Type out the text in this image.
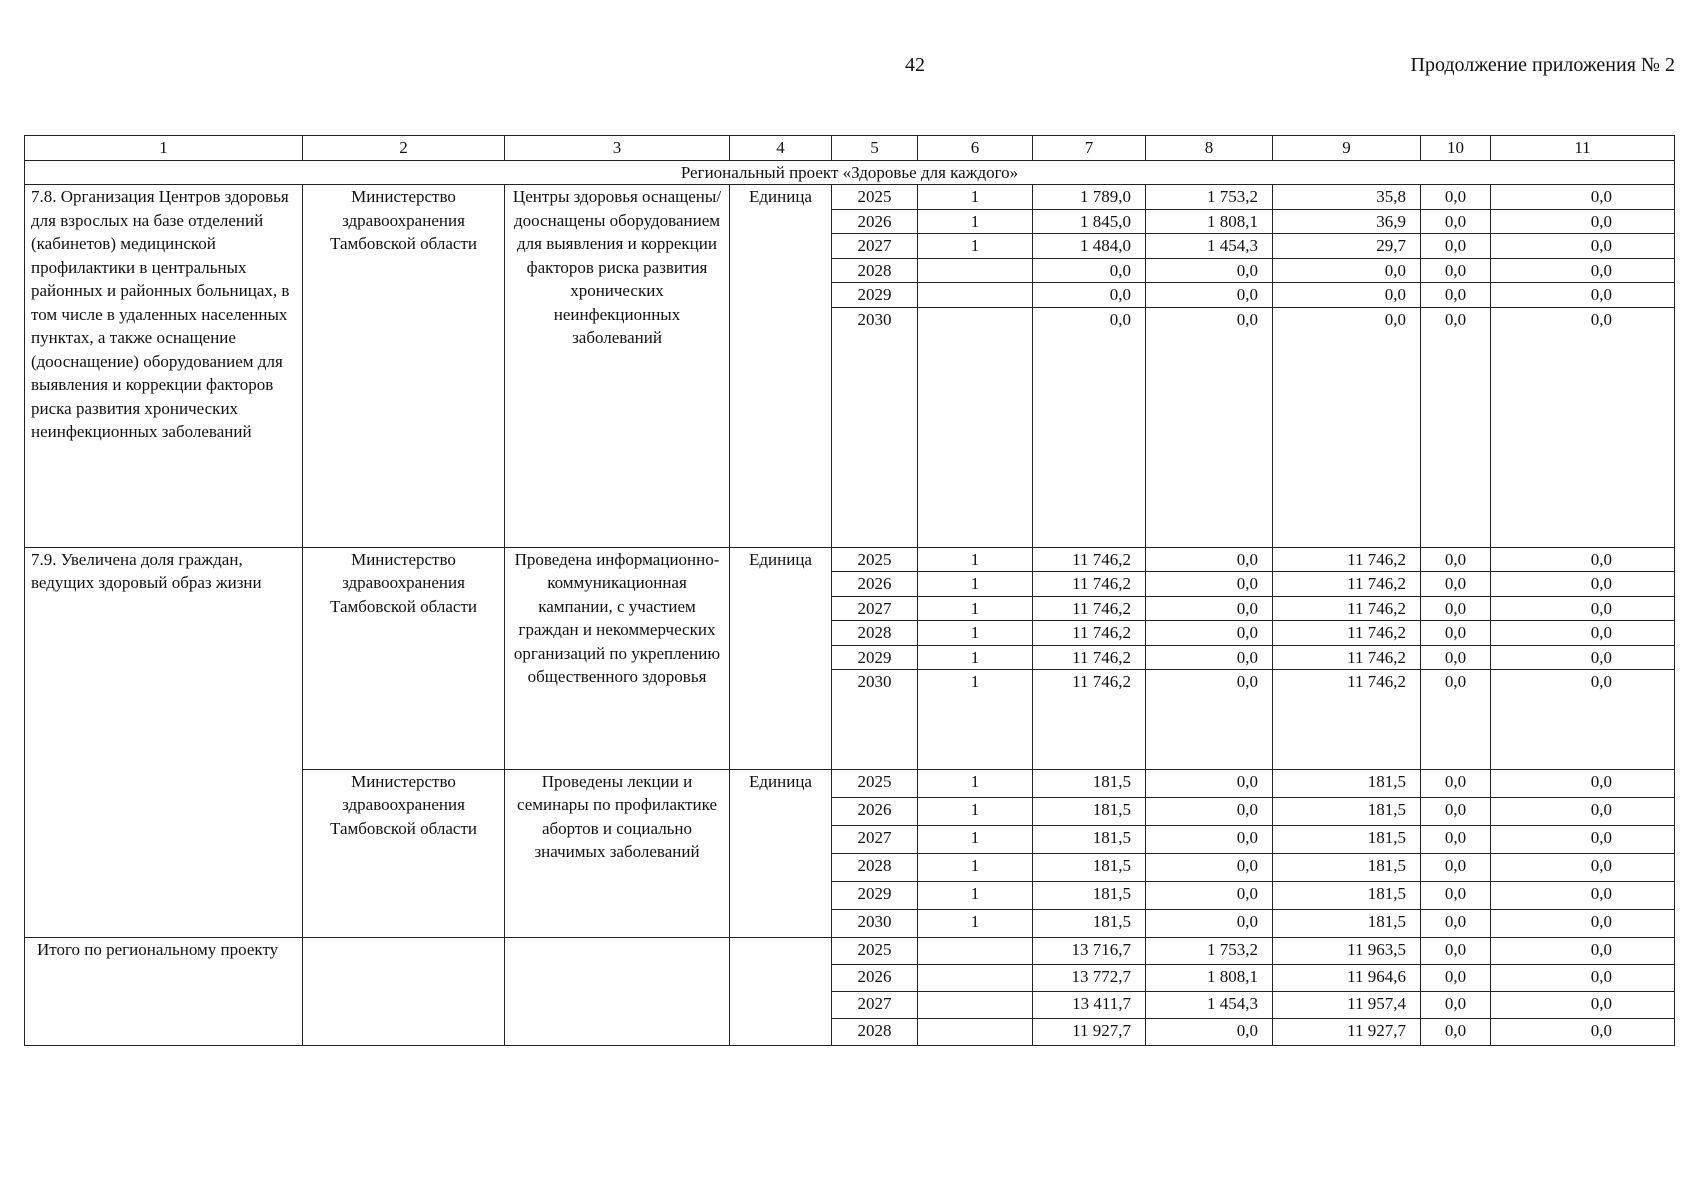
42	Продолжение приложения № 2
1	2	3	4	5	6	7	8	9	10	11
Региональный проект «Здоровье для каждого»										
7.8. Организация Центров здоровья для взрослых на базе отделений (кабинетов) медицинской профилактики в центральных районных и районных больницах, в том числе в удаленных населенных пунктах, а также оснащение (дооснащение) оборудованием для выявления и коррекции факторов риска развития хронических неинфекционных заболеваний	Министерство здравоохранения Тамбовской области	Центры здоровья оснащены/ дооснащены оборудованием для выявления и коррекции факторов риска развития хронических неинфекционных заболеваний	Единица	2025	1	1 789,0	1 753,2	35,8	0,0	0,0
				2026	1	1 845,0	1 808,1	36,9	0,0	0,0
				2027	1	1 484,0	1 454,3	29,7	0,0	0,0
				2028		0,0	0,0	0,0	0,0	0,0
				2029		0,0	0,0	0,0	0,0	0,0
				2030		0,0	0,0	0,0	0,0	0,0
7.9. Увеличена доля граждан, ведущих здоровый образ жизни	Министерство здравоохранения Тамбовской области	Проведена информационно-коммуникационная кампании, с участием граждан и некоммерческих организаций по укреплению общественного здоровья	Единица	2025	1	11 746,2	0,0	11 746,2	0,0	0,0
				2026	1	11 746,2	0,0	11 746,2	0,0	0,0
				2027	1	11 746,2	0,0	11 746,2	0,0	0,0
				2028	1	11 746,2	0,0	11 746,2	0,0	0,0
				2029	1	11 746,2	0,0	11 746,2	0,0	0,0
				2030	1	11 746,2	0,0	11 746,2	0,0	0,0
	Министерство здравоохранения Тамбовской области	Проведены лекции и семинары по профилактике абортов и социально значимых заболеваний	Единица	2025	1	181,5	0,0	181,5	0,0	0,0
				2026	1	181,5	0,0	181,5	0,0	0,0
				2027	1	181,5	0,0	181,5	0,0	0,0
				2028	1	181,5	0,0	181,5	0,0	0,0
				2029	1	181,5	0,0	181,5	0,0	0,0
				2030	1	181,5	0,0	181,5	0,0	0,0
Итого по региональному проекту				2025		13 716,7	1 753,2	11 963,5	0,0	0,0
				2026		13 772,7	1 808,1	11 964,6	0,0	0,0
				2027		13 411,7	1 454,3	11 957,4	0,0	0,0
				2028		11 927,7	0,0	11 927,7	0,0	0,0
